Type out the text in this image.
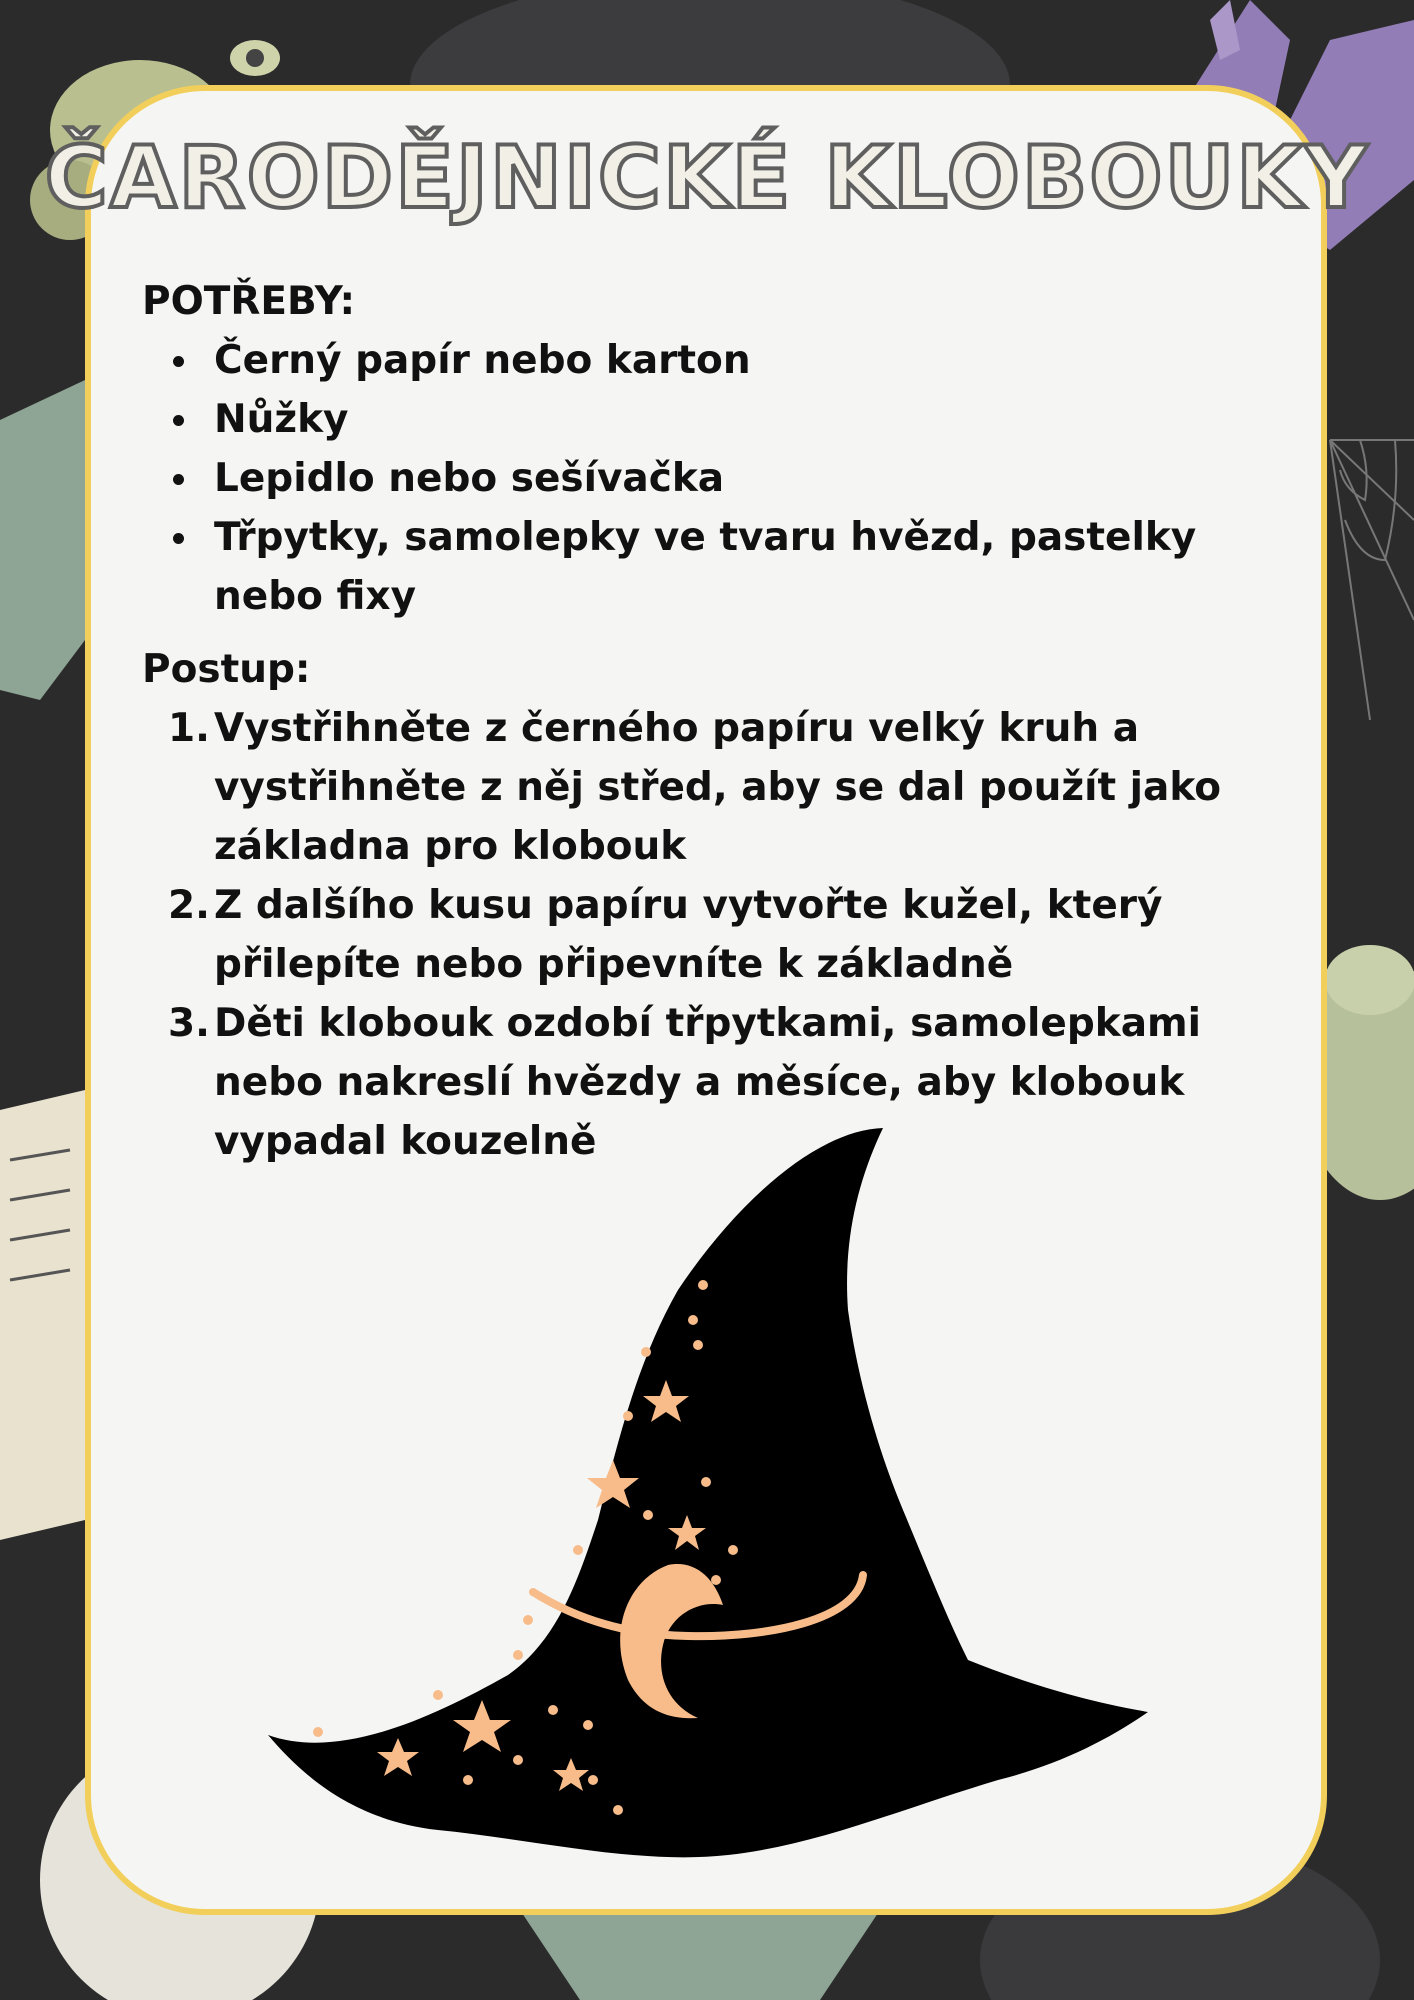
ČARODĚJNICKÉ KLOBOUKY

POTŘEBY:

Černý papír nebo karton
Nůžky
Lepidlo nebo sešívačka
Třpytky, samolepky ve tvaru hvězd, pastelky nebo fixy

Postup:

1. Vystřihněte z černého papíru velký kruh a vystřihněte z něj střed, aby se dal použít jako základna pro klobouk
2. Z dalšího kusu papíru vytvořte kužel, který přilepíte nebo připevníte k základně
3. Děti klobouk ozdobí třpytkami, samolepkami nebo nakreslí hvězdy a měsíce, aby klobouk vypadal kouzelně
